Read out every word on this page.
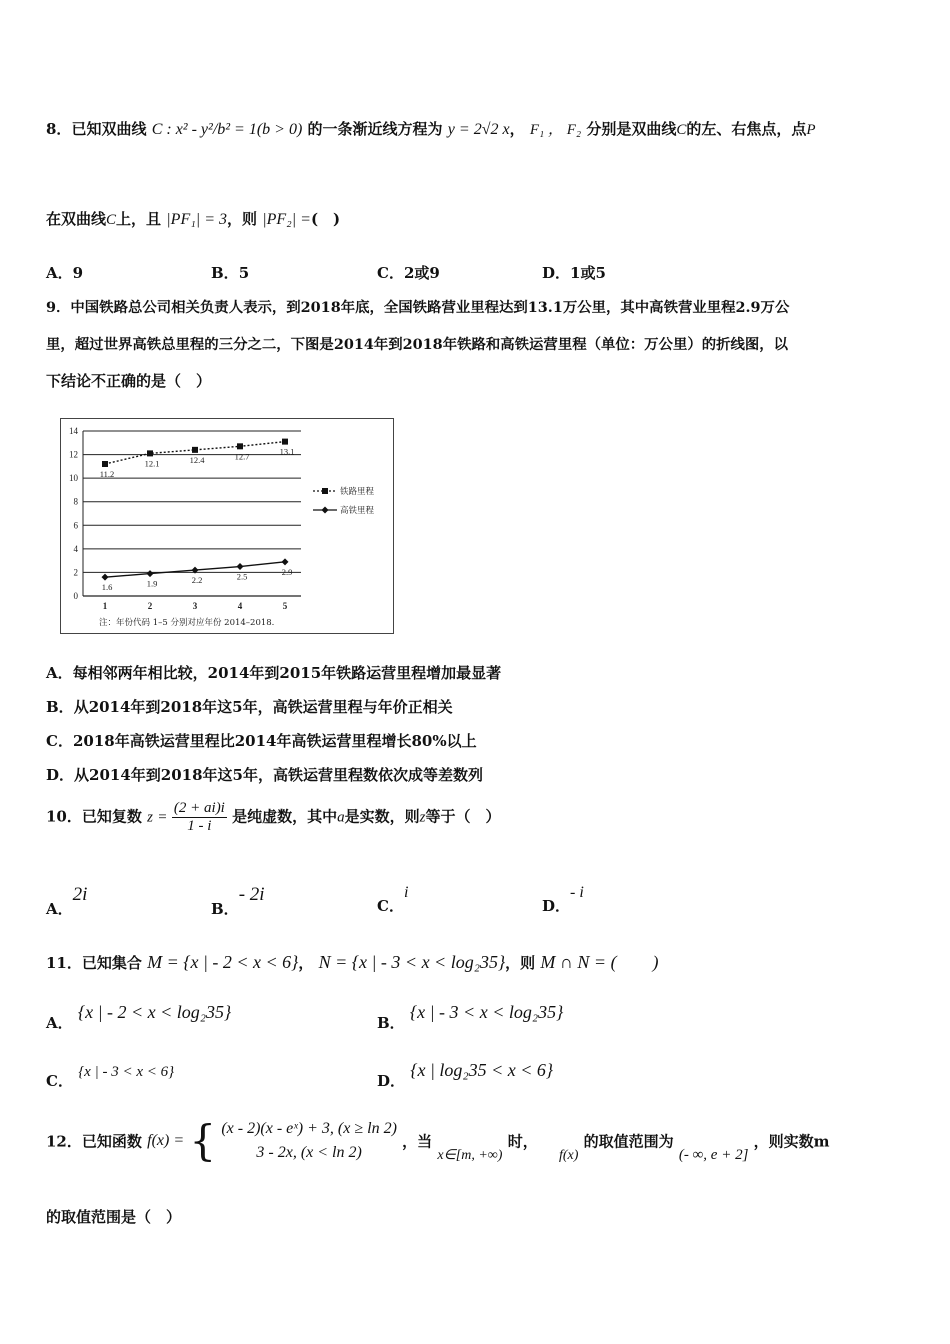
8．已知双曲线 C : x² - y²/b² = 1(b > 0) 的一条渐近线方程为 y = 2√2 x， F₁ ， F₂ 分别是双曲线C的左、右焦点，点P
在双曲线C上，且 |PF₁| = 3，则 |PF₂| =(　)
A．9	B．5	C．2或9	D．1或5
9．中国铁路总公司相关负责人表示，到2018年底，全国铁路营业里程达到13.1万公里，其中高铁营业里程2.9万公
里，超过世界高铁总里程的三分之二，下图是2014年到2018年铁路和高铁运营里程（单位：万公里）的折线图，以
下结论不正确的是（　）
0
2
4
6
8
10
12
14
1	2	3	4	5
11.2
12.1	12.4	12.7	13.1
1.6	1.9	2.2	2.5	2.9
铁路里程
高铁里程
注：年份代码 1–5 分别对应年份 2014–2018.
A．每相邻两年相比较，2014年到2015年铁路运营里程增加最显著
B．从2014年到2018年这5年，高铁运营里程与年价正相关
C．2018年高铁运营里程比2014年高铁运营里程增长80%以上
D．从2014年到2018年这5年，高铁运营里程数依次成等差数列
10．已知复数 $z = \frac{(2 + ai)i}{1 - i}$ 是纯虚数，其中a是实数，则z等于（　）
A．2i
B．- 2i
C．i
D．- i
11．已知集合 M = {x | - 2 < x < 6}， N = {x | - 3 < x < log₂35}，则 M ∩ N = (　　)
A． {x | - 2 < x < log₂35}
B． {x | - 3 < x < log₂35}
C． {x | - 3 < x < 6}	D． {x | log₂35 < x < 6}
12．已知函数 f(x) = { (x - 2)(x - eˣ) + 3, (x ≥ ln 2)
3 - 2x, (x < ln 2)
，当 x∈[m, +∞) 时， f(x) 的取值范围为 (- ∞, e + 2] ，则实数m
的取值范围是（　）
